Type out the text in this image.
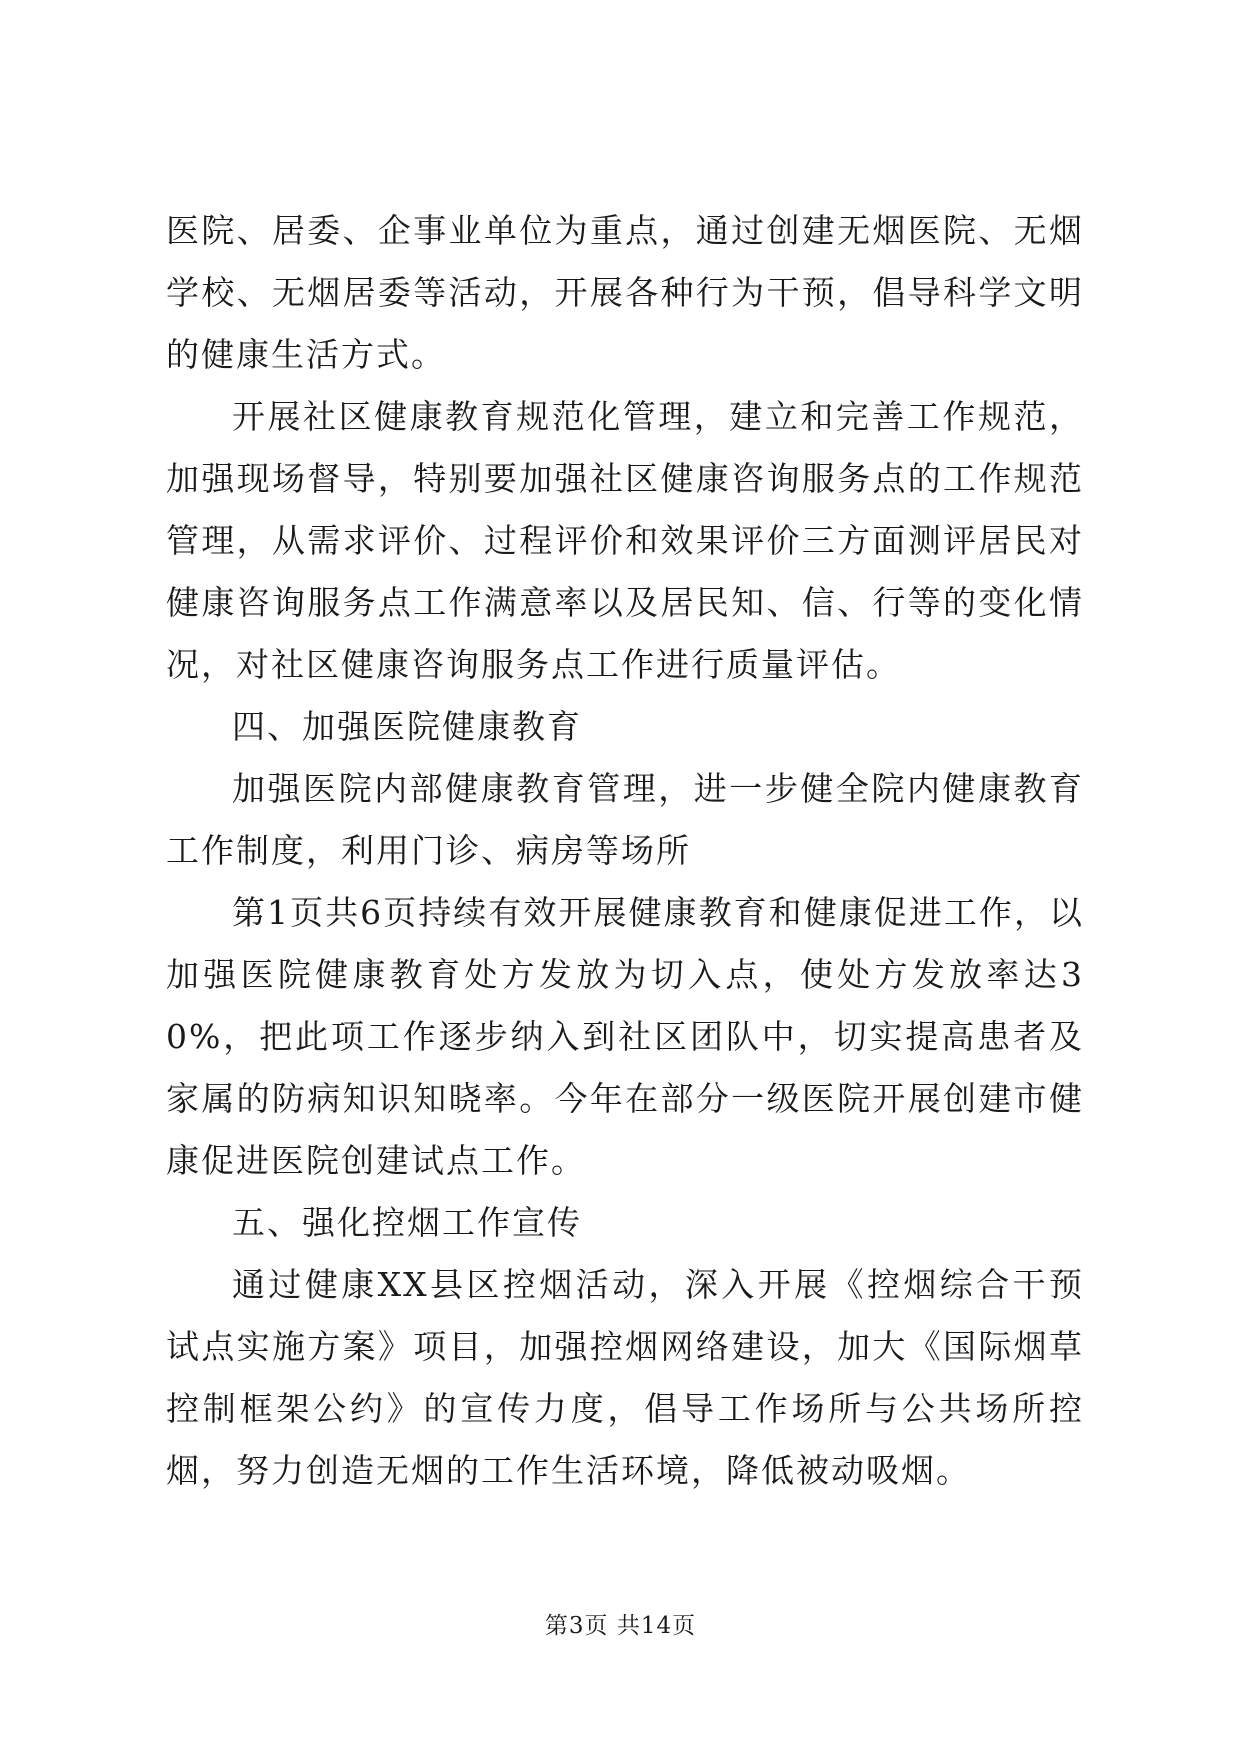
医院、居委、企事业单位为重点，通过创建无烟医院、无烟学校、无烟居委等活动，开展各种行为干预，倡导科学文明的健康生活方式。

开展社区健康教育规范化管理，建立和完善工作规范，加强现场督导，特别要加强社区健康咨询服务点的工作规范管理，从需求评价、过程评价和效果评价三方面测评居民对健康咨询服务点工作满意率以及居民知、信、行等的变化情况，对社区健康咨询服务点工作进行质量评估。

四、加强医院健康教育

加强医院内部健康教育管理，进一步健全院内健康教育工作制度，利用门诊、病房等场所

第1页共6页持续有效开展健康教育和健康促进工作，以加强医院健康教育处方发放为切入点，使处方发放率达30%，把此项工作逐步纳入到社区团队中，切实提高患者及家属的防病知识知晓率。今年在部分一级医院开展创建市健康促进医院创建试点工作。

五、强化控烟工作宣传

通过健康XX县区控烟活动，深入开展《控烟综合干预试点实施方案》项目，加强控烟网络建设，加大《国际烟草控制框架公约》的宣传力度，倡导工作场所与公共场所控烟，努力创造无烟的工作生活环境，降低被动吸烟。

第3页 共14页
